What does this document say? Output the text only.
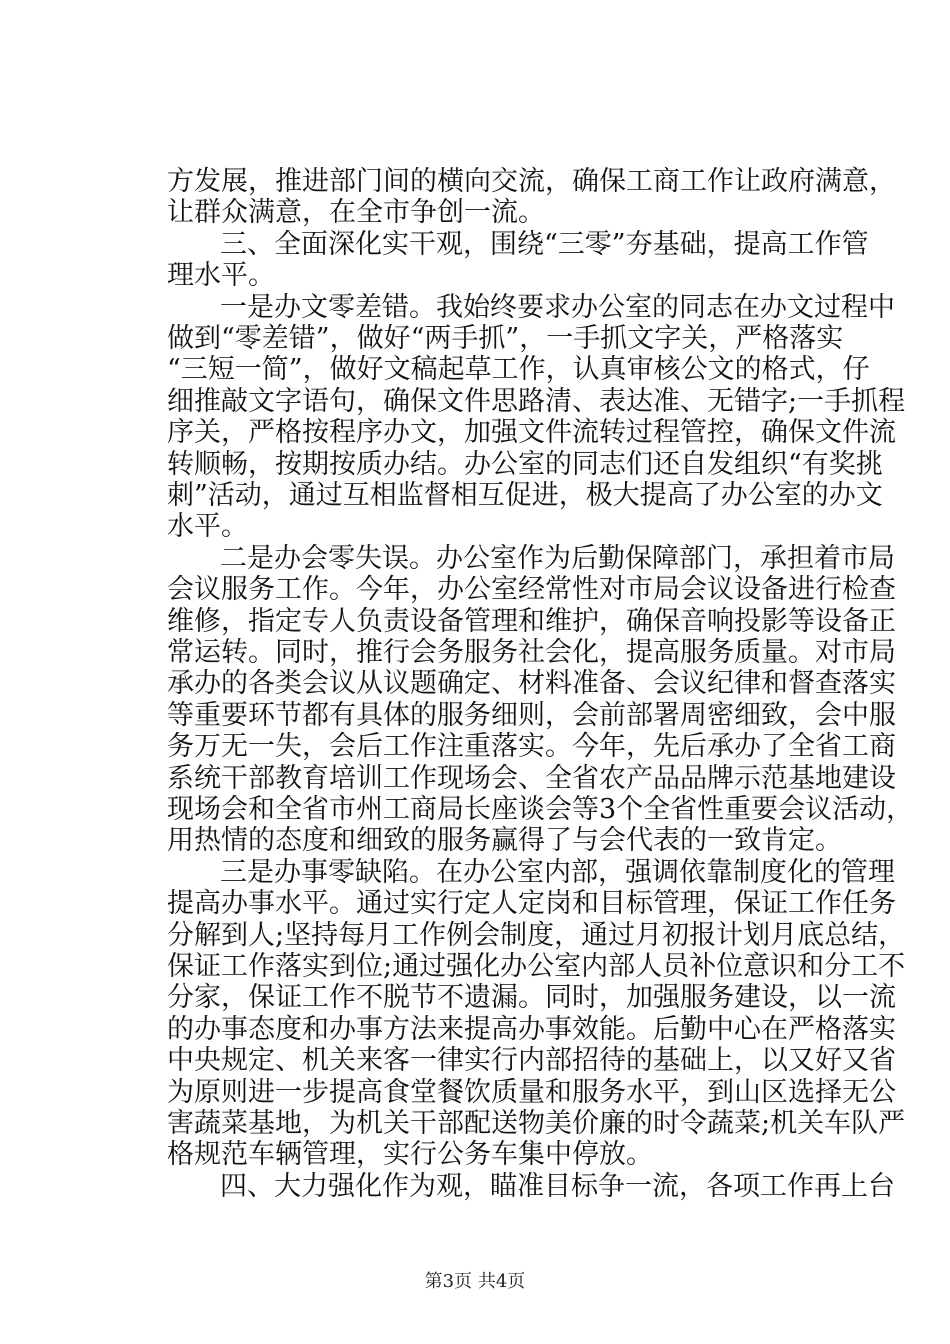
方发展，推进部门间的横向交流，确保工商工作让政府满意，
让群众满意，在全市争创一流。
三、全面深化实干观，围绕“三零”夯基础，提高工作管
理水平。
一是办文零差错。我始终要求办公室的同志在办文过程中
做到“零差错”，做好“两手抓”，一手抓文字关，严格落实
“三短一简”，做好文稿起草工作，认真审核公文的格式，仔
细推敲文字语句，确保文件思路清、表达准、无错字;一手抓程
序关，严格按程序办文，加强文件流转过程管控，确保文件流
转顺畅，按期按质办结。办公室的同志们还自发组织“有奖挑
刺”活动，通过互相监督相互促进，极大提高了办公室的办文
水平。
二是办会零失误。办公室作为后勤保障部门，承担着市局
会议服务工作。今年，办公室经常性对市局会议设备进行检查
维修，指定专人负责设备管理和维护，确保音响投影等设备正
常运转。同时，推行会务服务社会化，提高服务质量。对市局
承办的各类会议从议题确定、材料准备、会议纪律和督查落实
等重要环节都有具体的服务细则，会前部署周密细致，会中服
务万无一失，会后工作注重落实。今年，先后承办了全省工商
系统干部教育培训工作现场会、全省农产品品牌示范基地建设
现场会和全省市州工商局长座谈会等3个全省性重要会议活动，
用热情的态度和细致的服务赢得了与会代表的一致肯定。
三是办事零缺陷。在办公室内部，强调依靠制度化的管理
提高办事水平。通过实行定人定岗和目标管理，保证工作任务
分解到人;坚持每月工作例会制度，通过月初报计划月底总结，
保证工作落实到位;通过强化办公室内部人员补位意识和分工不
分家，保证工作不脱节不遗漏。同时，加强服务建设，以一流
的办事态度和办事方法来提高办事效能。后勤中心在严格落实
中央规定、机关来客一律实行内部招待的基础上，以又好又省
为原则进一步提高食堂餐饮质量和服务水平，到山区选择无公
害蔬菜基地，为机关干部配送物美价廉的时令蔬菜;机关车队严
格规范车辆管理，实行公务车集中停放。
四、大力强化作为观，瞄准目标争一流，各项工作再上台
第3页 共4页
